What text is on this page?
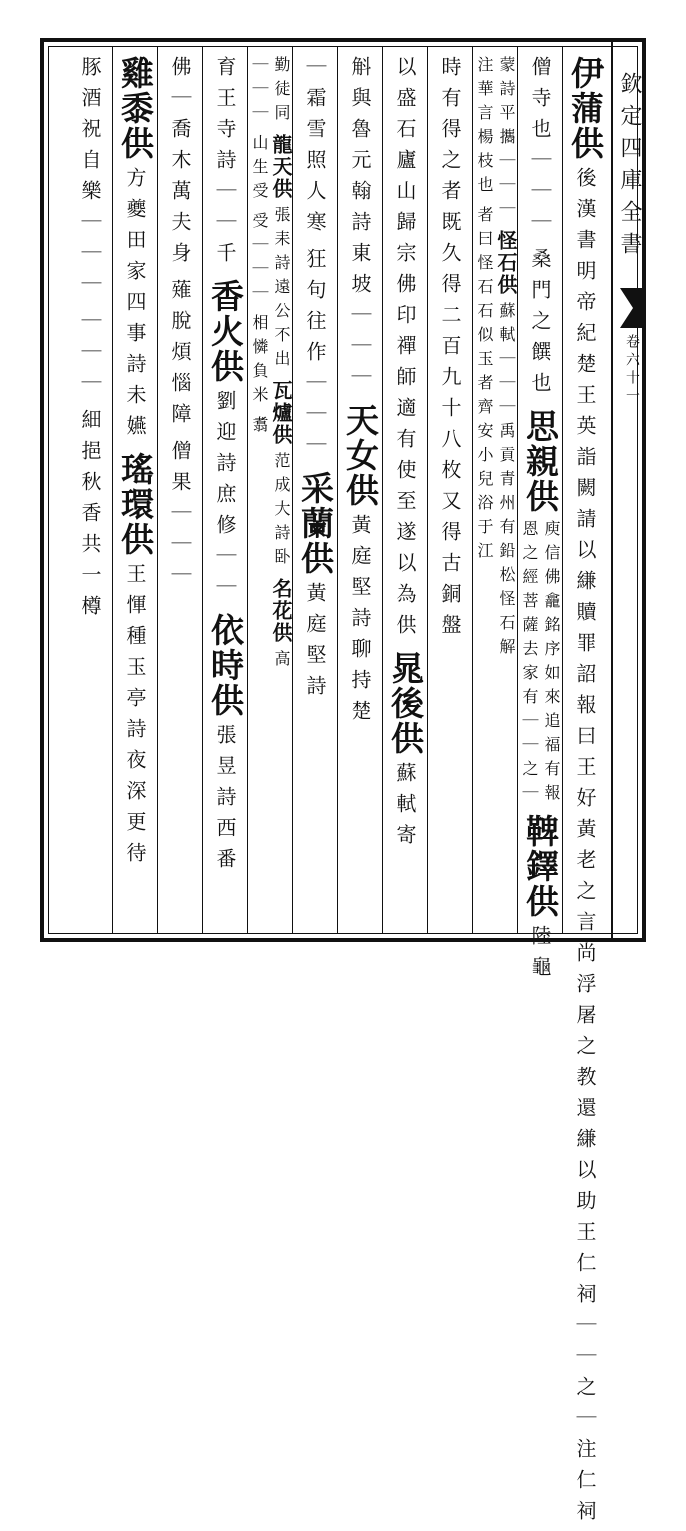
欽定四庫全書
卷六十一
伊蒲供
後漢書明帝紀楚王英詣闕請以縑贖罪詔報曰王好黃老之言尚浮屠之教還縑以助王仁祠｜｜之｜注仁祠
僧寺也｜｜｜
桑門之饌也
思親供
庾信佛龕銘序如來追福有報
恩之經菩薩去家有｜｜之｜
鞞鐸供
陸龜
蒙詩平攜｜｜｜
怪石供
蘇軾｜｜｜禹貢青州有鉛松怪石解
注華言楊枝也
者曰怪石石似玉者齊安小兒浴于江
時有得之者既久得二百九十八枚又得古銅盤
以盛石廬山歸宗佛印禪師適有使至遂以為供
晁後供
蘇軾寄
斛與魯元翰詩東坡｜｜｜
天女供
黃庭堅詩聊持楚
｜霜雪照人寒
狂句往作｜｜｜
采蘭供
黃庭堅詩
勤徒同
龍天供
張耒詩遠公不出
瓦爐供
范成大詩卧
名花供
高
｜｜｜
山生受
受｜｜｜
相憐負米
翥
育王寺詩｜｜千
香火供
劉迎詩庶修｜｜
依時供
張昱詩西番
佛｜喬木萬夫身
薙脫煩惱障
僧果｜｜｜
雞黍供
方夔田家四事詩未嬿
瑤環供
王惲種玉亭詩夜深更待
豚酒祝自樂｜｜｜
｜｜｜
細挹秋香共一樽
